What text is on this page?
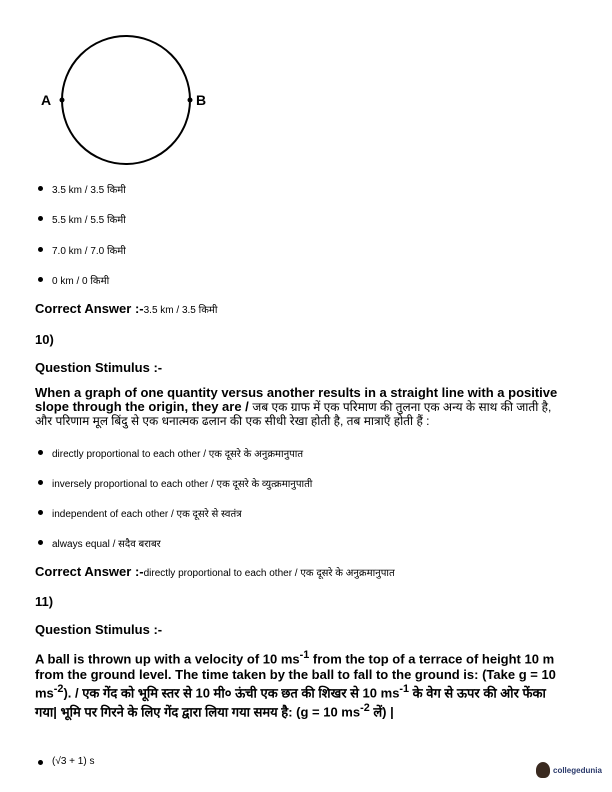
A	B
3.5 km / 3.5 किमी
5.5 km / 5.5 किमी
7.0 km / 7.0 किमी
0 km / 0 किमी
Correct Answer :-3.5 km / 3.5 किमी
10)
Question Stimulus :-
When a graph of one quantity versus another results in a straight line with a positive slope through the origin, they are / जब एक ग्राफ में एक परिमाण की तुलना एक अन्य के साथ की जाती है, और परिणाम मूल बिंदु से एक धनात्मक ढलान की एक सीधी रेखा होती है, तब मात्राएँ होती हैं :
directly proportional to each other / एक दूसरे के अनुक्रमानुपात
inversely proportional to each other / एक दूसरे के व्युत्क्रमानुपाती
independent of each other / एक दूसरे से स्वतंत्र
always equal / सदैव बराबर
Correct Answer :-directly proportional to each other / एक दूसरे के अनुक्रमानुपात
11)
Question Stimulus :-
A ball is thrown up with a velocity of 10 $ms^{-1}$ from the top of a terrace of height 10 m from the ground level. The time taken by the ball to fall to the ground is: (Take g = 10 $ms^{-2}$). / एक गेंद को भूमि स्तर से 10 मी० ऊंची एक छत की शिखर से 10 $ms^{-1}$ के वेग से ऊपर की ओर फेंका गया| भूमि पर गिरने के लिए गेंद द्वारा लिया गया समय है: (g = 10 $ms^{-2}$ लें) |
(√3 + 1) s
collegedunia
